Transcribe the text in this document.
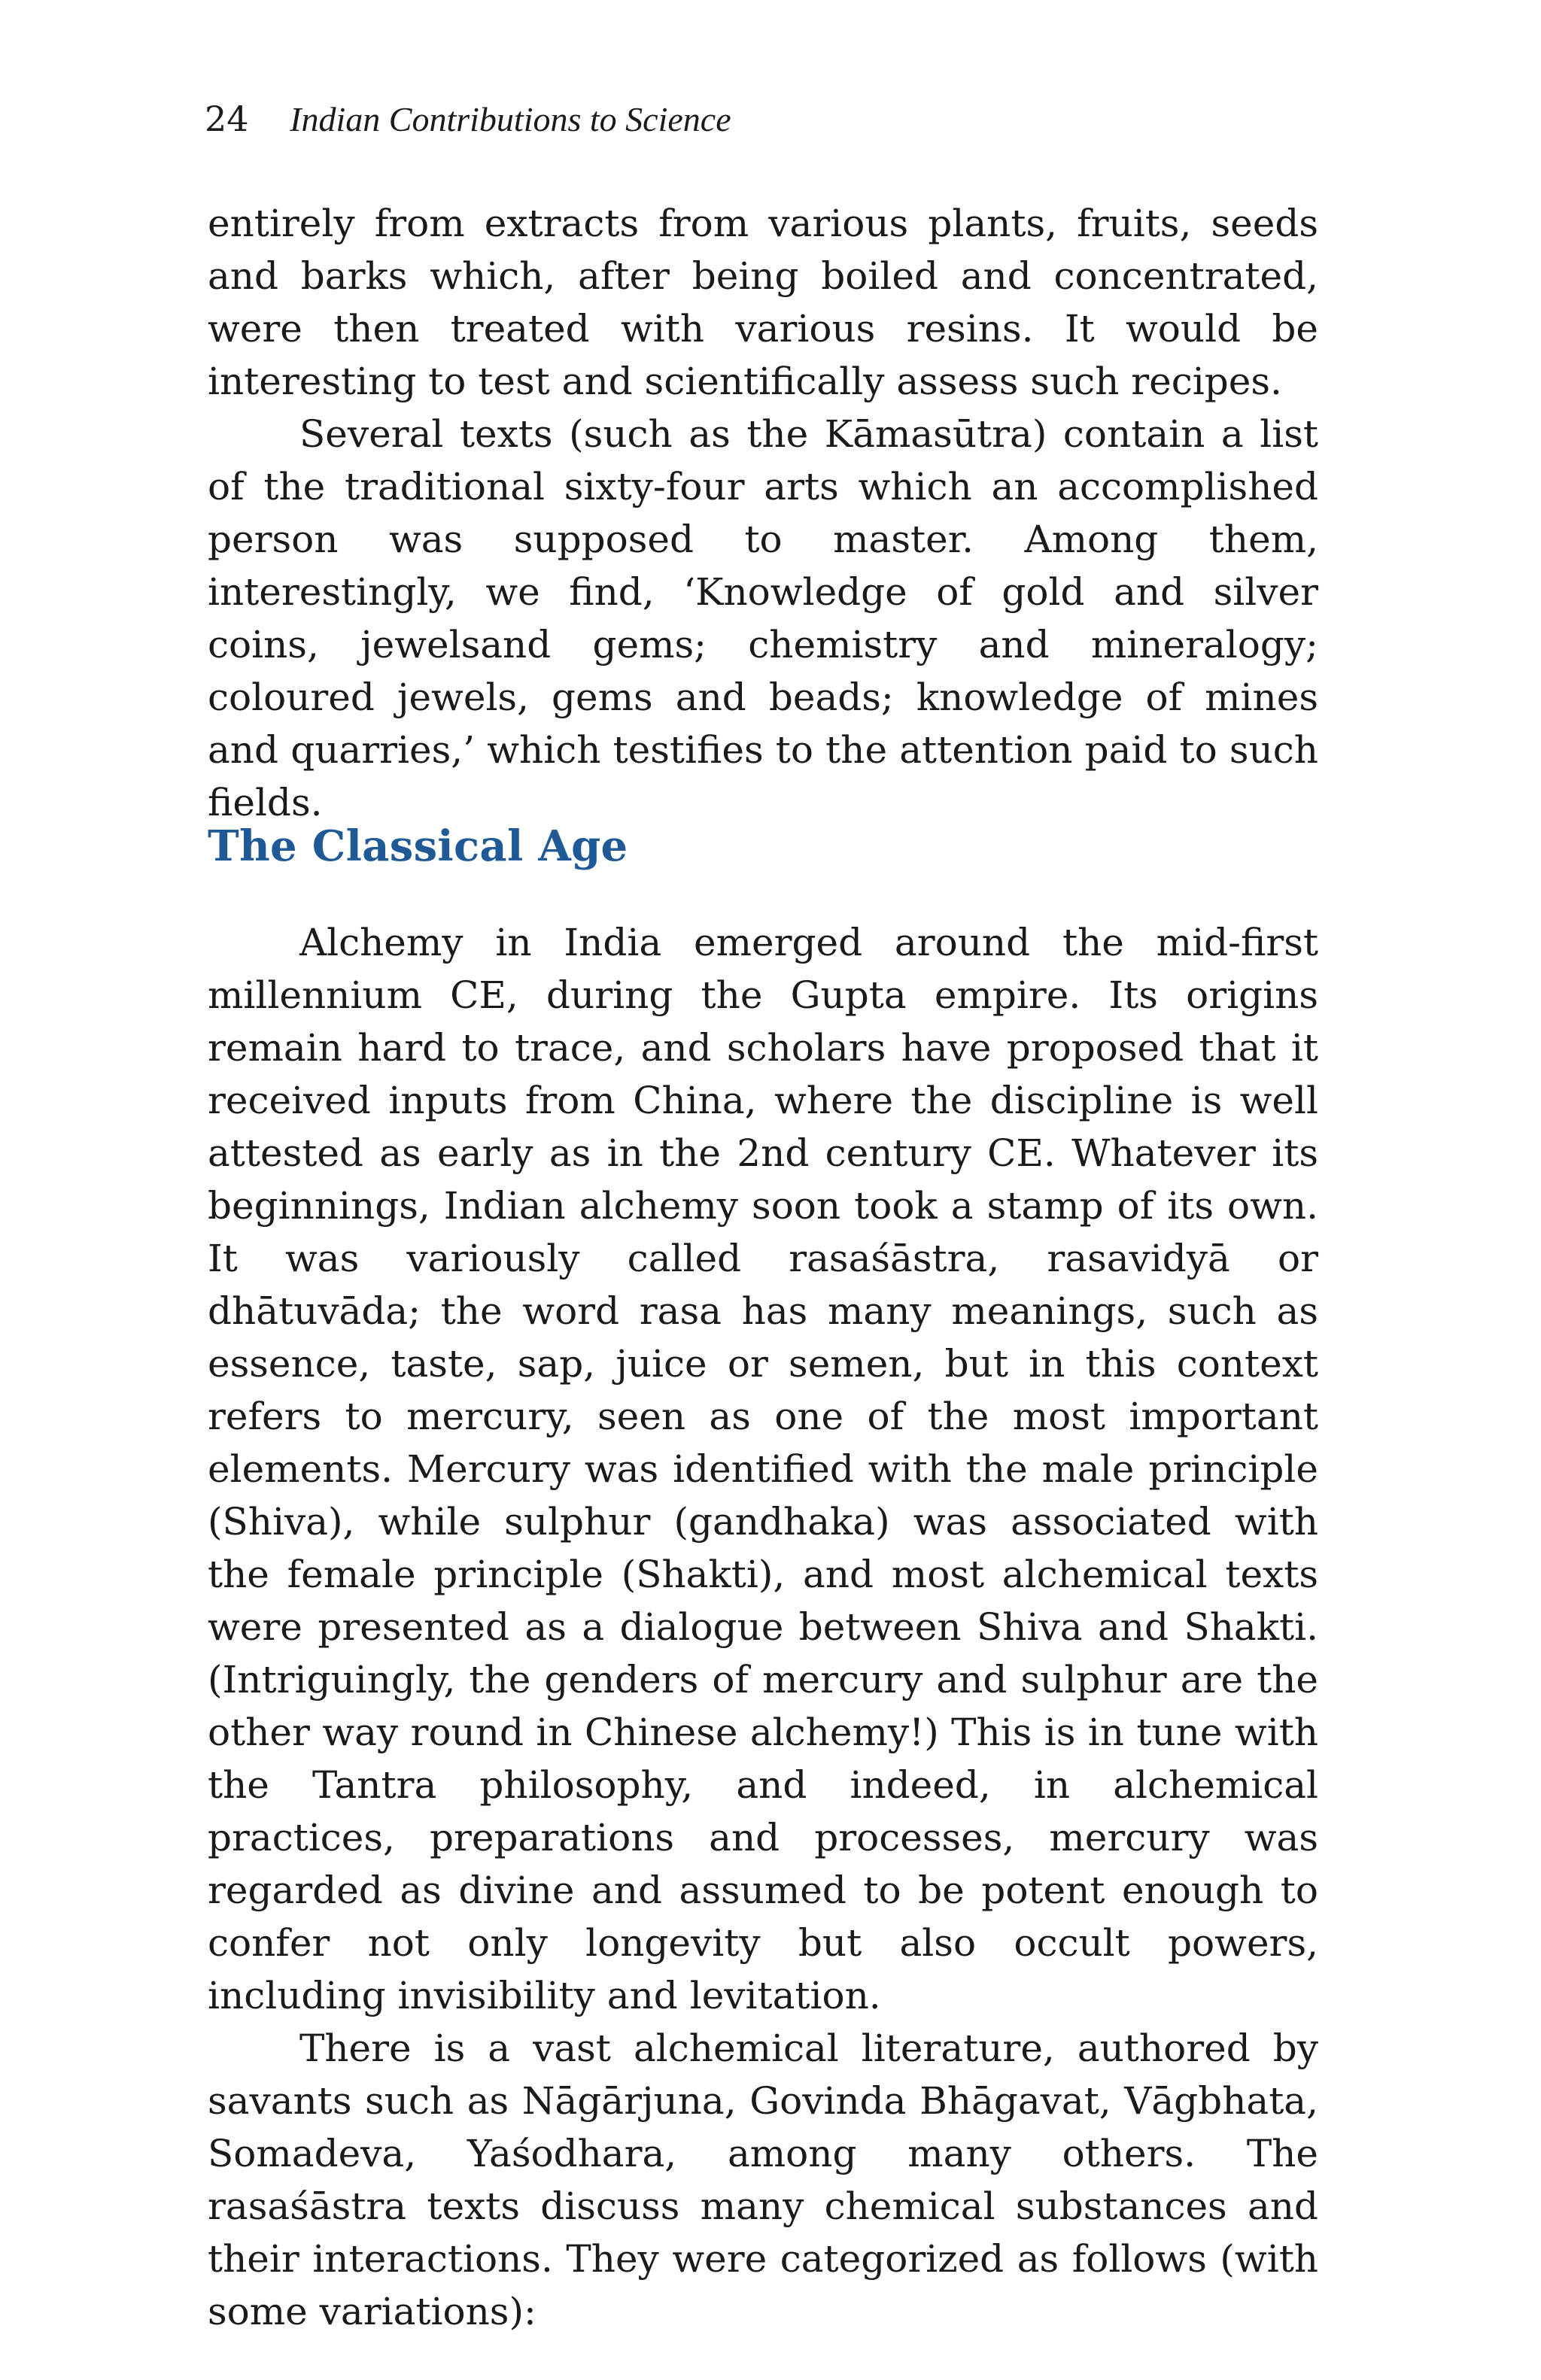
24 Indian Contributions to Science

entirely from extracts from various plants, fruits, seeds and barks which, after being boiled and concentrated, were then treated with various resins. It would be interesting to test and scientifically assess such recipes.

Several texts (such as the Kāmasūtra) contain a list of the traditional sixty-four arts which an accomplished person was supposed to master. Among them, interestingly, we find, ‘Knowledge of gold and silver coins, jewelsand gems; chemistry and mineralogy; coloured jewels, gems and beads; knowledge of mines and quarries,’ which testifies to the attention paid to such fields.

The Classical Age

Alchemy in India emerged around the mid-first millennium CE, during the Gupta empire. Its origins remain hard to trace, and scholars have proposed that it received inputs from China, where the discipline is well attested as early as in the 2nd century CE. Whatever its beginnings, Indian alchemy soon took a stamp of its own. It was variously called rasaśāstra, rasavidyā or dhātuvāda; the word rasa has many meanings, such as essence, taste, sap, juice or semen, but in this context refers to mercury, seen as one of the most important elements. Mercury was identified with the male principle (Shiva), while sulphur (gandhaka) was associated with the female principle (Shakti), and most alchemical texts were presented as a dialogue between Shiva and Shakti. (Intriguingly, the genders of mercury and sulphur are the other way round in Chinese alchemy!) This is in tune with the Tantra philosophy, and indeed, in alchemical practices, preparations and processes, mercury was regarded as divine and assumed to be potent enough to confer not only longevity but also occult powers, including invisibility and levitation.

There is a vast alchemical literature, authored by savants such as Nāgārjuna, Govinda Bhāgavat, Vāgbhata, Somadeva, Yaśodhara, among many others. The rasaśāstra texts discuss many chemical substances and their interactions. They were categorized as follows (with some variations):
